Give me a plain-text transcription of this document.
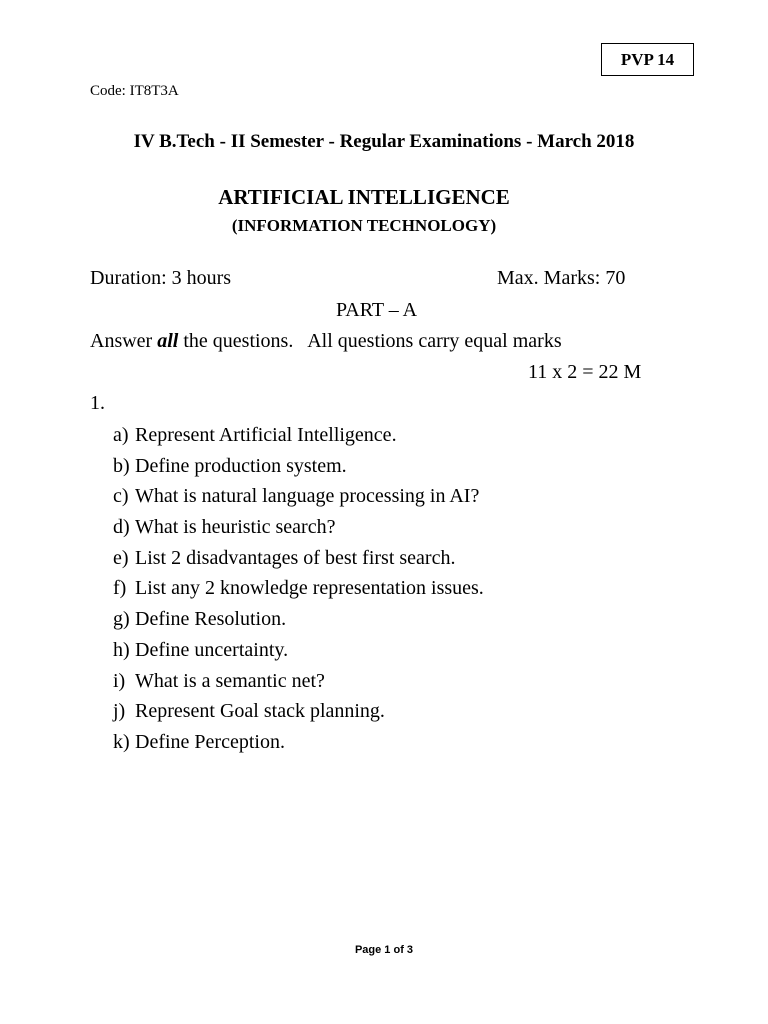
PVP 14
Code: IT8T3A
IV B.Tech - II Semester - Regular Examinations - March 2018
ARTIFICIAL INTELLIGENCE
(INFORMATION TECHNOLOGY)
Duration: 3 hours	Max. Marks: 70
PART – A
Answer all the questions.   All questions carry equal marks
11 x 2 = 22 M
1.
a) Represent Artificial Intelligence.
b) Define production system.
c) What is natural language processing in AI?
d) What is heuristic search?
e) List 2 disadvantages of best first search.
f) List any 2 knowledge representation issues.
g) Define Resolution.
h) Define uncertainty.
i) What is a semantic net?
j) Represent Goal stack planning.
k) Define Perception.
Page 1 of 3
